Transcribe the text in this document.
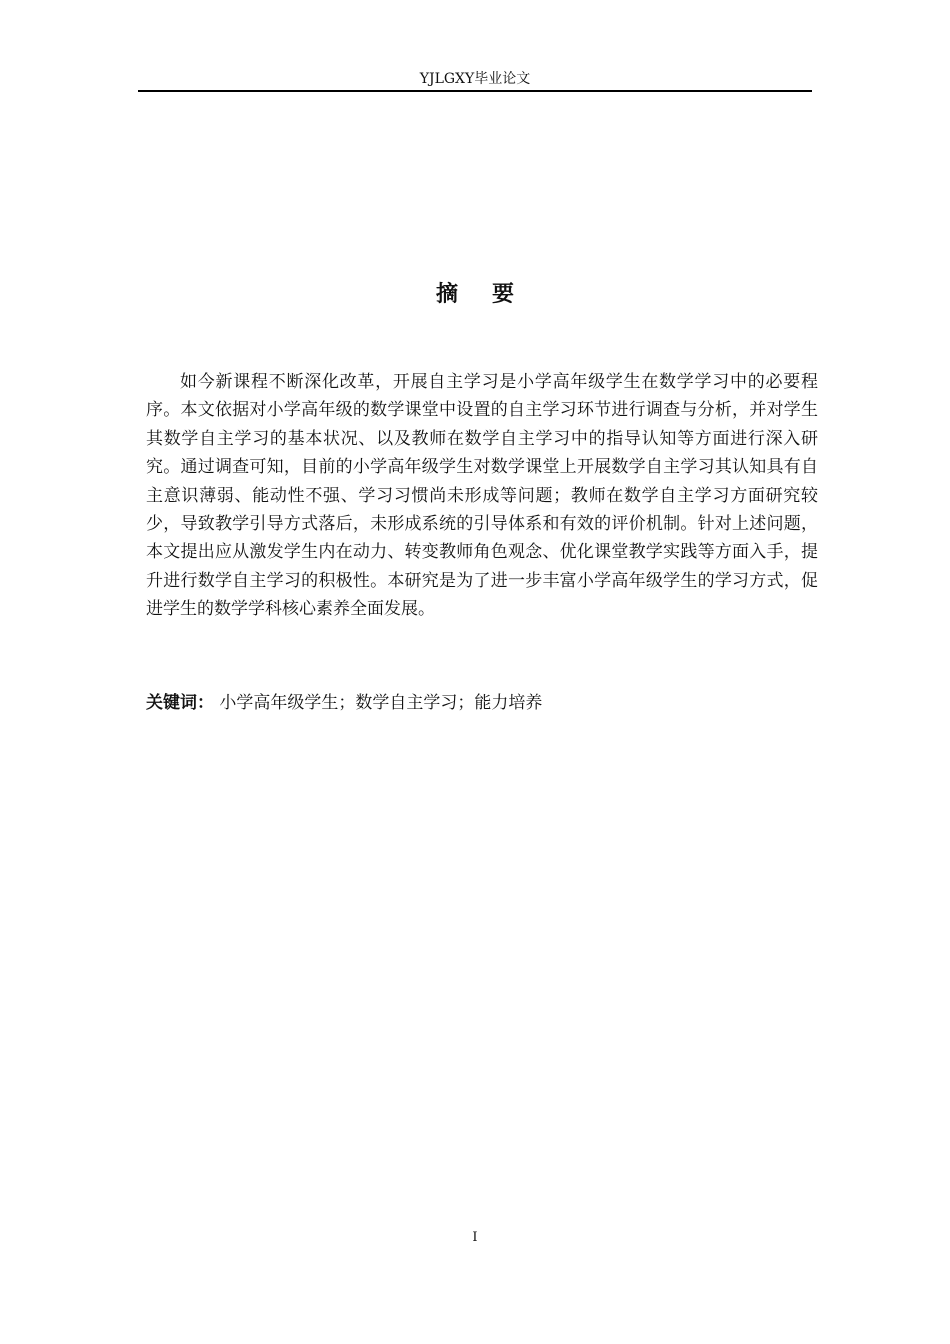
YJLGXY毕业论文
摘要

如今新课程不断深化改革，开展自主学习是小学高年级学生在数学学习中的必要程序。本文依据对小学高年级的数学课堂中设置的自主学习环节进行调查与分析，并对学生其数学自主学习的基本状况、以及教师在数学自主学习中的指导认知等方面进行深入研究。通过调查可知，目前的小学高年级学生对数学课堂上开展数学自主学习其认知具有自主意识薄弱、能动性不强、学习习惯尚未形成等问题；教师在数学自主学习方面研究较少，导致教学引导方式落后，未形成系统的引导体系和有效的评价机制。针对上述问题，本文提出应从激发学生内在动力、转变教师角色观念、优化课堂教学实践等方面入手，提升进行数学自主学习的积极性。本研究是为了进一步丰富小学高年级学生的学习方式，促进学生的数学学科核心素养全面发展。

关键词： 小学高年级学生；数学自主学习；能力培养
I
